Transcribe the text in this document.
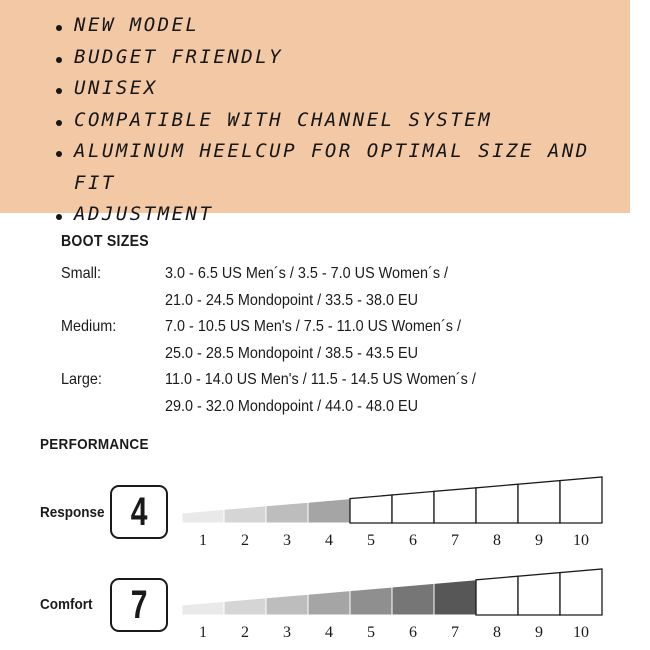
NEW MODEL
BUDGET FRIENDLY
UNISEX
COMPATIBLE WITH CHANNEL SYSTEM
ALUMINUM HEELCUP FOR OPTIMAL SIZE AND FIT
ADJUSTMENT
BOOT SIZES
Small:	3.0 - 6.5 US Men´s / 3.5 - 7.0 US Women´s /
21.0 - 24.5 Mondopoint / 33.5 - 38.0 EU
Medium:	7.0 - 10.5 US Men's / 7.5 - 11.0 US Women´s /
25.0 - 28.5 Mondopoint / 38.5 - 43.5 EU
Large:	11.0 - 14.0 US Men's / 11.5 - 14.5 US Women´s /
29.0 - 32.0 Mondopoint / 44.0 - 48.0 EU
PERFORMANCE
Response 4
1 2 3 4 5 6 7 8 9 10
Comfort 7
1 2 3 4 5 6 7 8 9 10
